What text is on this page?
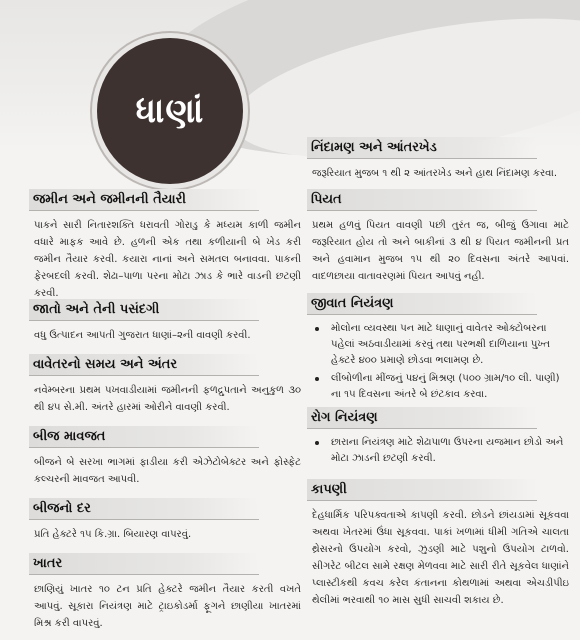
ધાણાં
જમીન અને જમીનની તૈયારી
પાકને સારી નિતારશક્તિ ધરાવતી ગોરાડુ કે મધ્યમ કાળી જમીન વધારે માફક આવે છે. હળની એક તથા કળીયાની બે ખેડ કરી જમીન તૈયાર કરવી. કયારા નાનાં અને સમતલ બનાવવા. પાકની ફેરબદલી કરવી. શેઢા–પાળા પરના મોટા ઝાડ કે ભારે વાડની છટણી કરવી.
જાતો અને તેની પસંદગી
વધુ ઉત્પાદન આપતી ગુજરાત ધાણાં–૨ની વાવણી કરવી.
વાવેતરનો સમય અને અંતર
નવેમ્બરના પ્રથમ પખવાડીયામાં જમીનની ફળદ્રુપતાને અનુકુળ ૩૦ થી ૪૫ સે.મી. અંતરે હારમાં ઓરીને વાવણી કરવી.
બીજ માવજત
બીજને બે સરખા ભાગમાં ફાડીયા કરી એઝેટોબેક્ટર અને ફોસ્ફેટ કલ્ચરની માવજત આપવી.
બીજનો દર
પ્રતિ હેક્ટરે ૧૫ કિ.ગ્રા. બિયારણ વાપરવું.
ખાતર
છાણિયું ખાતર ૧૦ ટન પ્રતિ હેક્ટરે જમીન તૈયાર કરતી વખતે આપવું. સૂકારા નિયંત્રણ માટે ટ્રાઇકોડર્મા ફૂગને છાણીયા ખાતરમાં મિશ્ર કરી વાપરવું.
નિંદામણ અને આંતરખેડ
જરૂરિયાત મુજબ ૧ થી ૨ આંતરખેડ અને હાથ નિંદામણ કરવા.
પિયત
પ્રથમ હળવું પિયત વાવણી પછી તુરંત જ, બીજું ઉગાવા માટે જરૂરિયાત હોય તો અને બાકીનાં ૩ થી ૪ પિયત જમીનની પ્રત અને હવામાન મુજબ ૧૫ થી ૨૦ દિવસના અંતરે આપવાં. વાદળછાયા વાતાવરણમાં પિયત આપવું નહી.
જીવાત નિયંત્રણ
મોલોના વ્યવસ્થા પન માટે ધાણાનું વાવેતર ઓક્ટોબરના પહેલાં અઠવાડીયામાં કરવું તથા પરભક્ષી દાળિયાના પુખ્ત હેક્ટરે ૪૦૦ પ્રમાણે છોડવા ભલામણ છે.
લીંબોળીના મીંજનું પ૪નું મિશ્રણ (૫૦૦ ગ્રામ/૧૦ લી. પાણી) ના ૧૫ દિવસના અંતરે બે છંટકાવ કરવા.
રોગ નિયંત્રણ
છારાના નિયંત્રણ માટે શેઢાપાળા ઉપરના યજમાન છોડો અને મોટા ઝાડની છટણી કરવી.
કાપણી
દેહધાર્મિક પરિપક્વતાએ કાપણી કરવી. છોડને છાંયડામાં સૂકવવા અથવા ખેતરમાં ઉંધા સૂકવવા. પાકાં ખળામાં ધીમી ગતિએ ચાલતા થ્રેસરનો ઉપયોગ કરવો, ઝુડણી માટે પશુનો ઉપયોગ ટાળવો. સીગરેટ બીટલ સામે રક્ષણ મેળવવા માટે સારી રીતે સૂકવેલ ધાણાંને પ્લાસ્ટીકથી કવચ કરેલ કંતાનના કોથળામાં અથવા એચડીપીઇ થેલીમાં ભરવાથી ૧૦ માસ સુધી સાચવી શકાય છે.
